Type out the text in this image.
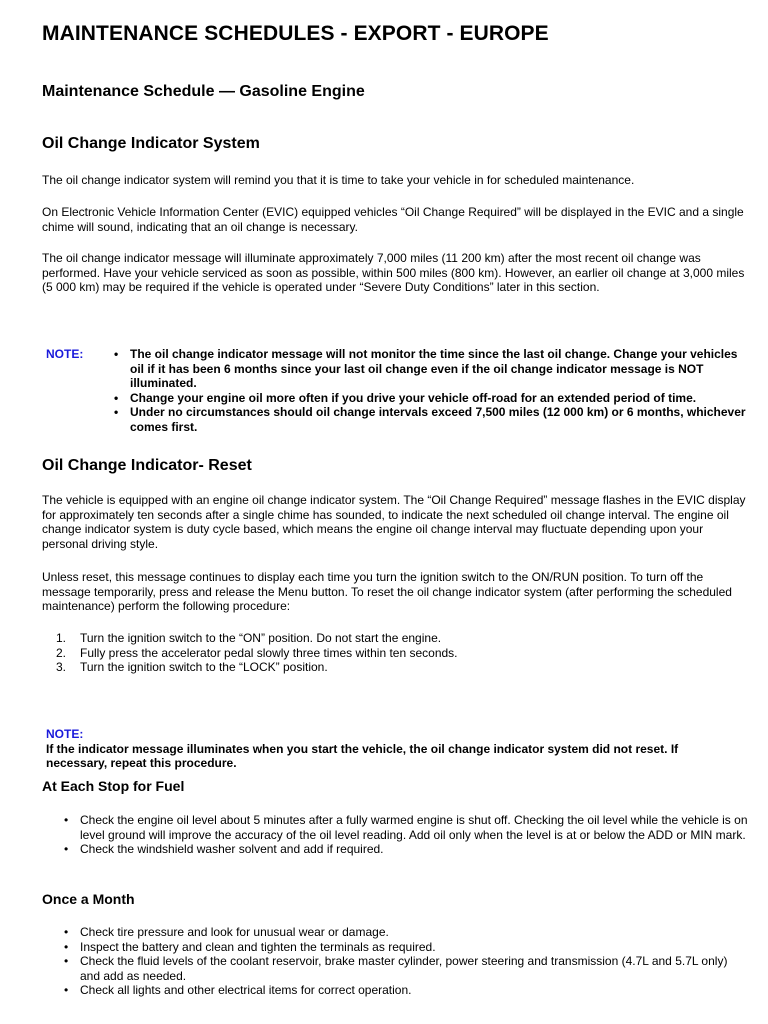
MAINTENANCE SCHEDULES - EXPORT - EUROPE
Maintenance Schedule — Gasoline Engine
Oil Change Indicator System

The oil change indicator system will remind you that it is time to take your vehicle in for scheduled maintenance.

On Electronic Vehicle Information Center (EVIC) equipped vehicles “Oil Change Required” will be displayed in the EVIC and a single chime will sound, indicating that an oil change is necessary.

The oil change indicator message will illuminate approximately 7,000 miles (11 200 km) after the most recent oil change was performed. Have your vehicle serviced as soon as possible, within 500 miles (800 km). However, an earlier oil change at 3,000 miles (5 000 km) may be required if the vehicle is operated under “Severe Duty Conditions” later in this section.

NOTE:
•	The oil change indicator message will not monitor the time since the last oil change. Change your vehicles oil if it has been 6 months since your last oil change even if the oil change indicator message is NOT illuminated.
• Change your engine oil more often if you drive your vehicle off-road for an extended period of time.
• Under no circumstances should oil change intervals exceed 7,500 miles (12 000 km) or 6 months, whichever comes first.
Oil Change Indicator- Reset

The vehicle is equipped with an engine oil change indicator system. The “Oil Change Required” message flashes in the EVIC display for approximately ten seconds after a single chime has sounded, to indicate the next scheduled oil change interval. The engine oil change indicator system is duty cycle based, which means the engine oil change interval may fluctuate depending upon your personal driving style.

Unless reset, this message continues to display each time you turn the ignition switch to the ON/RUN position. To turn off the message temporarily, press and release the Menu button. To reset the oil change indicator system (after performing the scheduled maintenance) perform the following procedure:

1. Turn the ignition switch to the “ON” position. Do not start the engine.
2. Fully press the accelerator pedal slowly three times within ten seconds.
3. Turn the ignition switch to the “LOCK” position.
NOTE:If the indicator message illuminates when you start the vehicle, the oil change indicator system did not reset. If necessary, repeat this procedure.
At Each Stop for Fuel
• Check the engine oil level about 5 minutes after a fully warmed engine is shut off. Checking the oil level while the vehicle is on level ground will improve the accuracy of the oil level reading. Add oil only when the level is at or below the ADD or MIN mark.
• Check the windshield washer solvent and add if required.
Once a Month
• Check tire pressure and look for unusual wear or damage.
• Inspect the battery and clean and tighten the terminals as required.
• Check the fluid levels of the coolant reservoir, brake master cylinder, power steering and transmission (4.7L and 5.7L only) and add as needed.
• Check all lights and other electrical items for correct operation.
